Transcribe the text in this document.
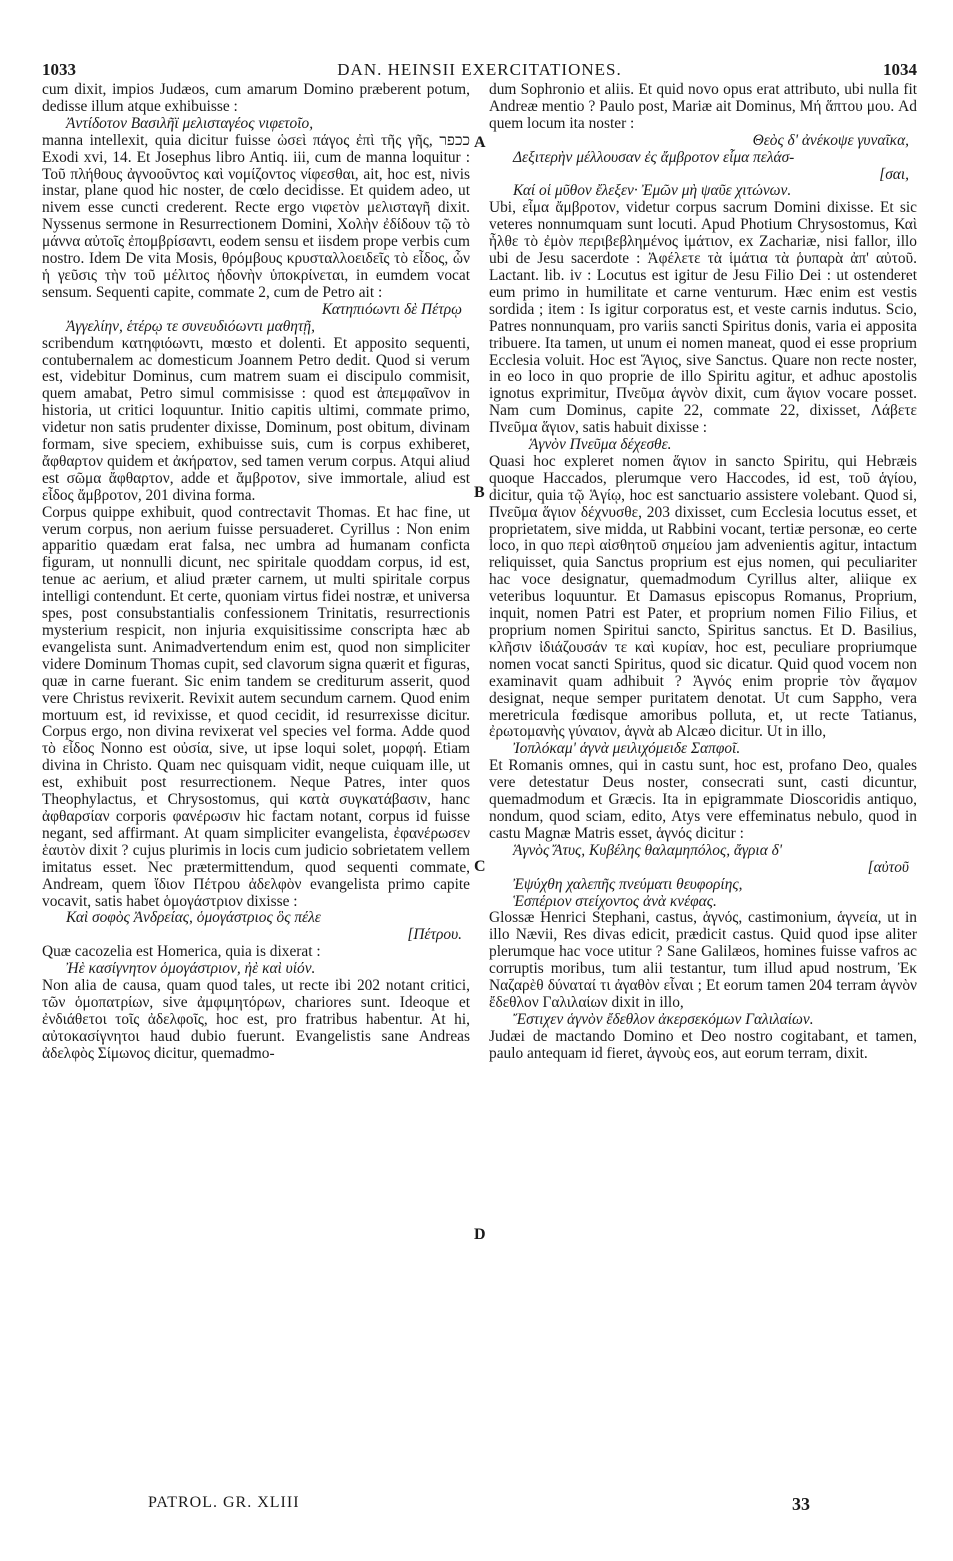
1033	DAN. HEINSII EXERCITATIONES.	1034

cum dixit, impios Judæos, cum amarum Domino præberent potum, dedisse illum atque exhibuisse :

Ἀντίδοτον Βασιλῆϊ μελισταγέος νιφετοῖο,

manna intellexit, quia dicitur fuisse ὡσεὶ πάγος ἐπὶ τῆς γῆς, ככפר Exodi xvi, 14. Et Josephus libro Antiq. iii, cum de manna loquitur : Τοῦ πλήθους ἀγνοοῦντος καὶ νομίζοντος νίφεσθαι, ait, hoc est, nivis instar, plane quod hic noster, de cœlo decidisse. Et quidem adeo, ut nivem esse cuncti crederent. Recte ergo νιφετὸν μελισταγῆ dixit. Nyssenus sermone in Resurrectionem Domini, Χολὴν ἐδίδουν τῷ τὸ μάννα αὐτοῖς ἐπομβρίσαντι, eodem sensu et iisdem prope verbis cum nostro. Idem De vita Mosis, θρόμβους κρυσταλλοειδεῖς τὸ εἶδος, ὧν ἡ γεῦσις τὴν τοῦ μέλιτος ἡδονὴν ὑποκρίνεται, in eumdem vocat sensum. Sequenti capite, commate 2, cum de Petro ait :

Κατηπιόωντι δὲ Πέτρῳ

Ἀγγελίην, ἑτέρῳ τε συνευδιόωντι μαθητῇ,

scribendum κατηφιόωντι, mœsto et dolenti. Et apposito sequenti, contubernalem ac domesticum Joannem Petro dedit. Quod si verum est, videbitur Dominus, cum matrem suam ei discipulo commisit, quem amabat, Petro simul commisisse : quod est ἀπεμφαῖνον in historia, ut critici loquuntur. Initio capitis ultimi, commate primo, videtur non satis prudenter dixisse, Dominum, post obitum, divinam formam, sive speciem, exhibuisse suis, cum is corpus exhiberet, ἄφθαρτον quidem et ἀκήρατον, sed tamen verum corpus. Atqui aliud est σῶμα ἄφθαρτον, adde et ἄμβροτον, sive immortale, aliud est εἶδος ἄμβροτον, 201 divina forma.

Corpus quippe exhibuit, quod contrectavit Thomas. Et hac fine, ut verum corpus, non aerium fuisse persuaderet. Cyrillus : Non enim apparitio quædam erat falsa, nec umbra ad humanam conficta figuram, ut nonnulli dicunt, nec spiritale quoddam corpus, id est, tenue ac aerium, et aliud præter carnem, ut multi spiritale corpus intelligi contendunt. Et certe, quoniam virtus fidei nostræ, et universa spes, post consubstantialis confessionem Trinitatis, resurrectionis mysterium respicit, non injuria exquisitissime conscripta hæc ab evangelista sunt. Animadvertendum enim est, quod non simpliciter videre Dominum Thomas cupit, sed clavorum signa quærit et figuras, quæ in carne fuerant. Sic enim tandem se crediturum asserit, quod vere Christus revixerit. Revixit autem secundum carnem. Quod enim mortuum est, id revixisse, et quod cecidit, id resurrexisse dicitur. Corpus ergo, non divina revixerat vel species vel forma. Adde quod τὸ εἶδος Nonno est οὐσία, sive, ut ipse loqui solet, μορφή. Etiam divina in Christo. Quam nec quisquam vidit, neque cuiquam ille, ut est, exhibuit post resurrectionem. Neque Patres, inter quos Theophylactus, et Chrysostomus, qui κατὰ συγκατάβασιν, hanc ἀφθαρσίαν corporis φανέρωσιν hic factam notant, corpus id fuisse negant, sed affirmant. At quam simpliciter evangelista, ἐφανέρωσεν ἑαυτὸν dixit ? cujus plurimis in locis cum judicio sobrietatem vellem imitatus esset. Nec prætermittendum, quod sequenti commate, Andream, quem ἴδιον Πέτρου ἀδελφὸν evangelista primo capite vocavit, satis habet ὁμογάστριον dixisse :

Καὶ σοφὸς Ἀνδρείας, ὁμογάστριος ὃς πέλε

[Πέτρου.

Quæ cacozelia est Homerica, quia is dixerat :

Ἠὲ κασίγνητον ὁμογάστριον, ἠὲ καὶ υἱόν.

Non alia de causa, quam quod tales, ut recte ibi 202 notant critici, τῶν ὁμοπατρίων, sive ἀμφιμητόρων, chariores sunt. Ideoque et ἐνδιάθετοι τοῖς ἀδελφοῖς, hoc est, pro fratribus habentur. At hi, αὐτοκασίγνητοι haud dubio fuerunt. Evangelistis sane Andreas ἀδελφὸς Σίμωνος dicitur, quemadmo-

dum Sophronio et aliis. Et quid novo opus erat attributo, ubi nulla fit Andreæ mentio ? Paulo post, Mariæ ait Dominus, Μή ἅπτου μου. Ad quem locum ita noster :

Θεὸς δ' ἀνέκοψε γυναῖκα,

Δεξιτερὴν μέλλουσαν ἐς ἄμβροτον εἷμα πελάσ-

[σαι,

Καί οἱ μῦθον ἔλεξεν· Ἐμῶν μὴ ψαῦε χιτώνων.

Ubi, εἷμα ἄμβροτον, videtur corpus sacrum Domini dixisse. Et sic veteres nonnumquam sunt locuti. Apud Photium Chrysostomus, Καὶ ἦλθε τὸ ἐμὸν περιβεβλημένος ἱμάτιον, ex Zachariæ, nisi fallor, illo ubi de Jesu sacerdote : Ἀφέλετε τὰ ἱμάτια τὰ ῥυπαρὰ ἀπ' αὐτοῦ. Lactant. lib. iv : Locutus est igitur de Jesu Filio Dei : ut ostenderet eum primo in humilitate et carne venturum. Hæc enim est vestis sordida ; item : Is igitur corporatus est, et veste carnis indutus. Scio, Patres nonnunquam, pro variis sancti Spiritus donis, varia ei apposita tribuere. Ita tamen, ut unum ei nomen maneat, quod ei esse proprium Ecclesia voluit. Hoc est Ἅγιος, sive Sanctus. Quare non recte noster, in eo loco in quo proprie de illo Spiritu agitur, et adhuc apostolis ignotus exprimitur, Πνεῦμα ἁγνὸν dixit, cum ἅγιον vocare posset. Nam cum Dominus, capite 22, commate 22, dixisset, Λάβετε Πνεῦμα ἅγιον, satis habuit dixisse :

Ἁγνὸν Πνεῦμα δέχεσθε.

Quasi hoc expleret nomen ἅγιον in sancto Spiritu, qui Hebræis quoque Haccados, plerumque vero Haccodes, id est, τοῦ ἁγίου, dicitur, quia τῷ Ἁγίῳ, hoc est sanctuario assistere volebant. Quod si, Πνεῦμα ἅγιον δέχνυσθε, 203 dixisset, cum Ecclesia locutus esset, et proprietatem, sive midda, ut Rabbini vocant, tertiæ personæ, eo certe loco, in quo περὶ αἰσθητοῦ σημείου jam advenientis agitur, intactum reliquisset, quia Sanctus proprium est ejus nomen, qui peculiariter hac voce designatur, quemadmodum Cyrillus alter, aliique ex veteribus loquuntur. Et Damasus episcopus Romanus, Proprium, inquit, nomen Patri est Pater, et proprium nomen Filio Filius, et proprium nomen Spiritui sancto, Spiritus sanctus. Et D. Basilius, κλῆσιν ἰδιάζουσάν τε καὶ κυρίαν, hoc est, peculiare propriumque nomen vocat sancti Spiritus, quod sic dicatur. Quid quod vocem non examinavit quam adhibuit ? Ἁγνός enim proprie τὸν ἄγαμον designat, neque semper puritatem denotat. Ut cum Sappho, vera meretricula fœdisque amoribus polluta, et, ut recte Tatianus, ἐρωτομανὴς γύναιον, ἁγνὰ ab Alcæo dicitur. Ut in illo,

Ἰοπλόκαμ' ἁγνὰ μειλιχόμειδε Σαπφοῖ.

Et Romanis omnes, qui in castu sunt, hoc est, profano Deo, quales vere detestatur Deus noster, consecrati sunt, casti dicuntur, quemadmodum et Græcis. Ita in epigrammate Dioscoridis antiquo, nondum, quod sciam, edito, Atys vere effeminatus nebulo, quod in castu Magnæ Matris esset, ἁγνός dicitur :

Ἁγνὸς Ἄτυς, Κυβέλης θαλαμηπόλος, ἄγρια δ'

[αὐτοῦ

Ἐψύχθη χαλεπῆς πνεύματι θευφορίης,

Ἑσπέριον στείχοντος ἀνὰ κνέφας.

Glossæ Henrici Stephani, castus, ἁγνός, castimonium, ἁγνεία, ut in illo Nævii, Res divas edicit, prædicit castus. Quid quod ipse aliter plerumque hac voce utitur ? Sane Galilæos, homines fuisse vafros ac corruptis moribus, tum alii testantur, tum illud apud nostrum, Ἐκ Ναζαρὲθ δύναταί τι ἀγαθὸν εἶναι ; Et eorum tamen 204 terram ἁγνὸν ἔδεθλον Γαλιλαίων dixit in illo,

Ἔστιχεν ἁγνὸν ἔδεθλον ἀκερσεκόμων Γαλιλαίων.

Judæi de mactando Domino et Deo nostro cogitabant, et tamen, paulo antequam id fieret, ἁγνοὺς eos, aut eorum terram, dixit.

A
B
C
D
PATROL. GR. XLIII	33
